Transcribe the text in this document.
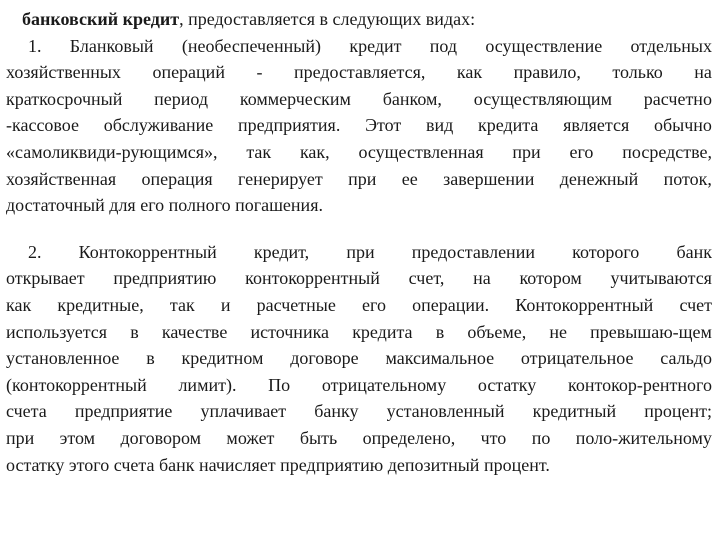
банковский кредит , предоставляется в следующих видах:
1. Бланковый (необеспеченный) кредит под осуществление отдельных
хозяйственных операций - предоставляется, как правило, только на
краткосрочный период коммерческим банком, осуществляющим расчетно
-кассовое обслуживание предприятия. Этот вид кредита является обычно
«самоликвиди-рующимся», так как, осуществленная при его посредстве,
хозяйственная операция генерирует при ее завершении денежный поток,
достаточный для его полного погашения.
2. Контокоррентный кредит, при предоставлении которого банк
открывает предприятию контокоррентный счет, на котором учитываются
как кредитные, так и расчетные его операции. Контокоррентный счет
используется в качестве источника кредита в объеме, не превышаю-щем
установленное в кредитном договоре максимальное отрицательное сальдо
(контокоррентный лимит). По отрицательному остатку контокор-рентного
счета предприятие уплачивает банку установленный кредитный процент;
при этом договором может быть определено, что по поло-жительному
остатку этого счета банк начисляет предприятию депозитный процент.
